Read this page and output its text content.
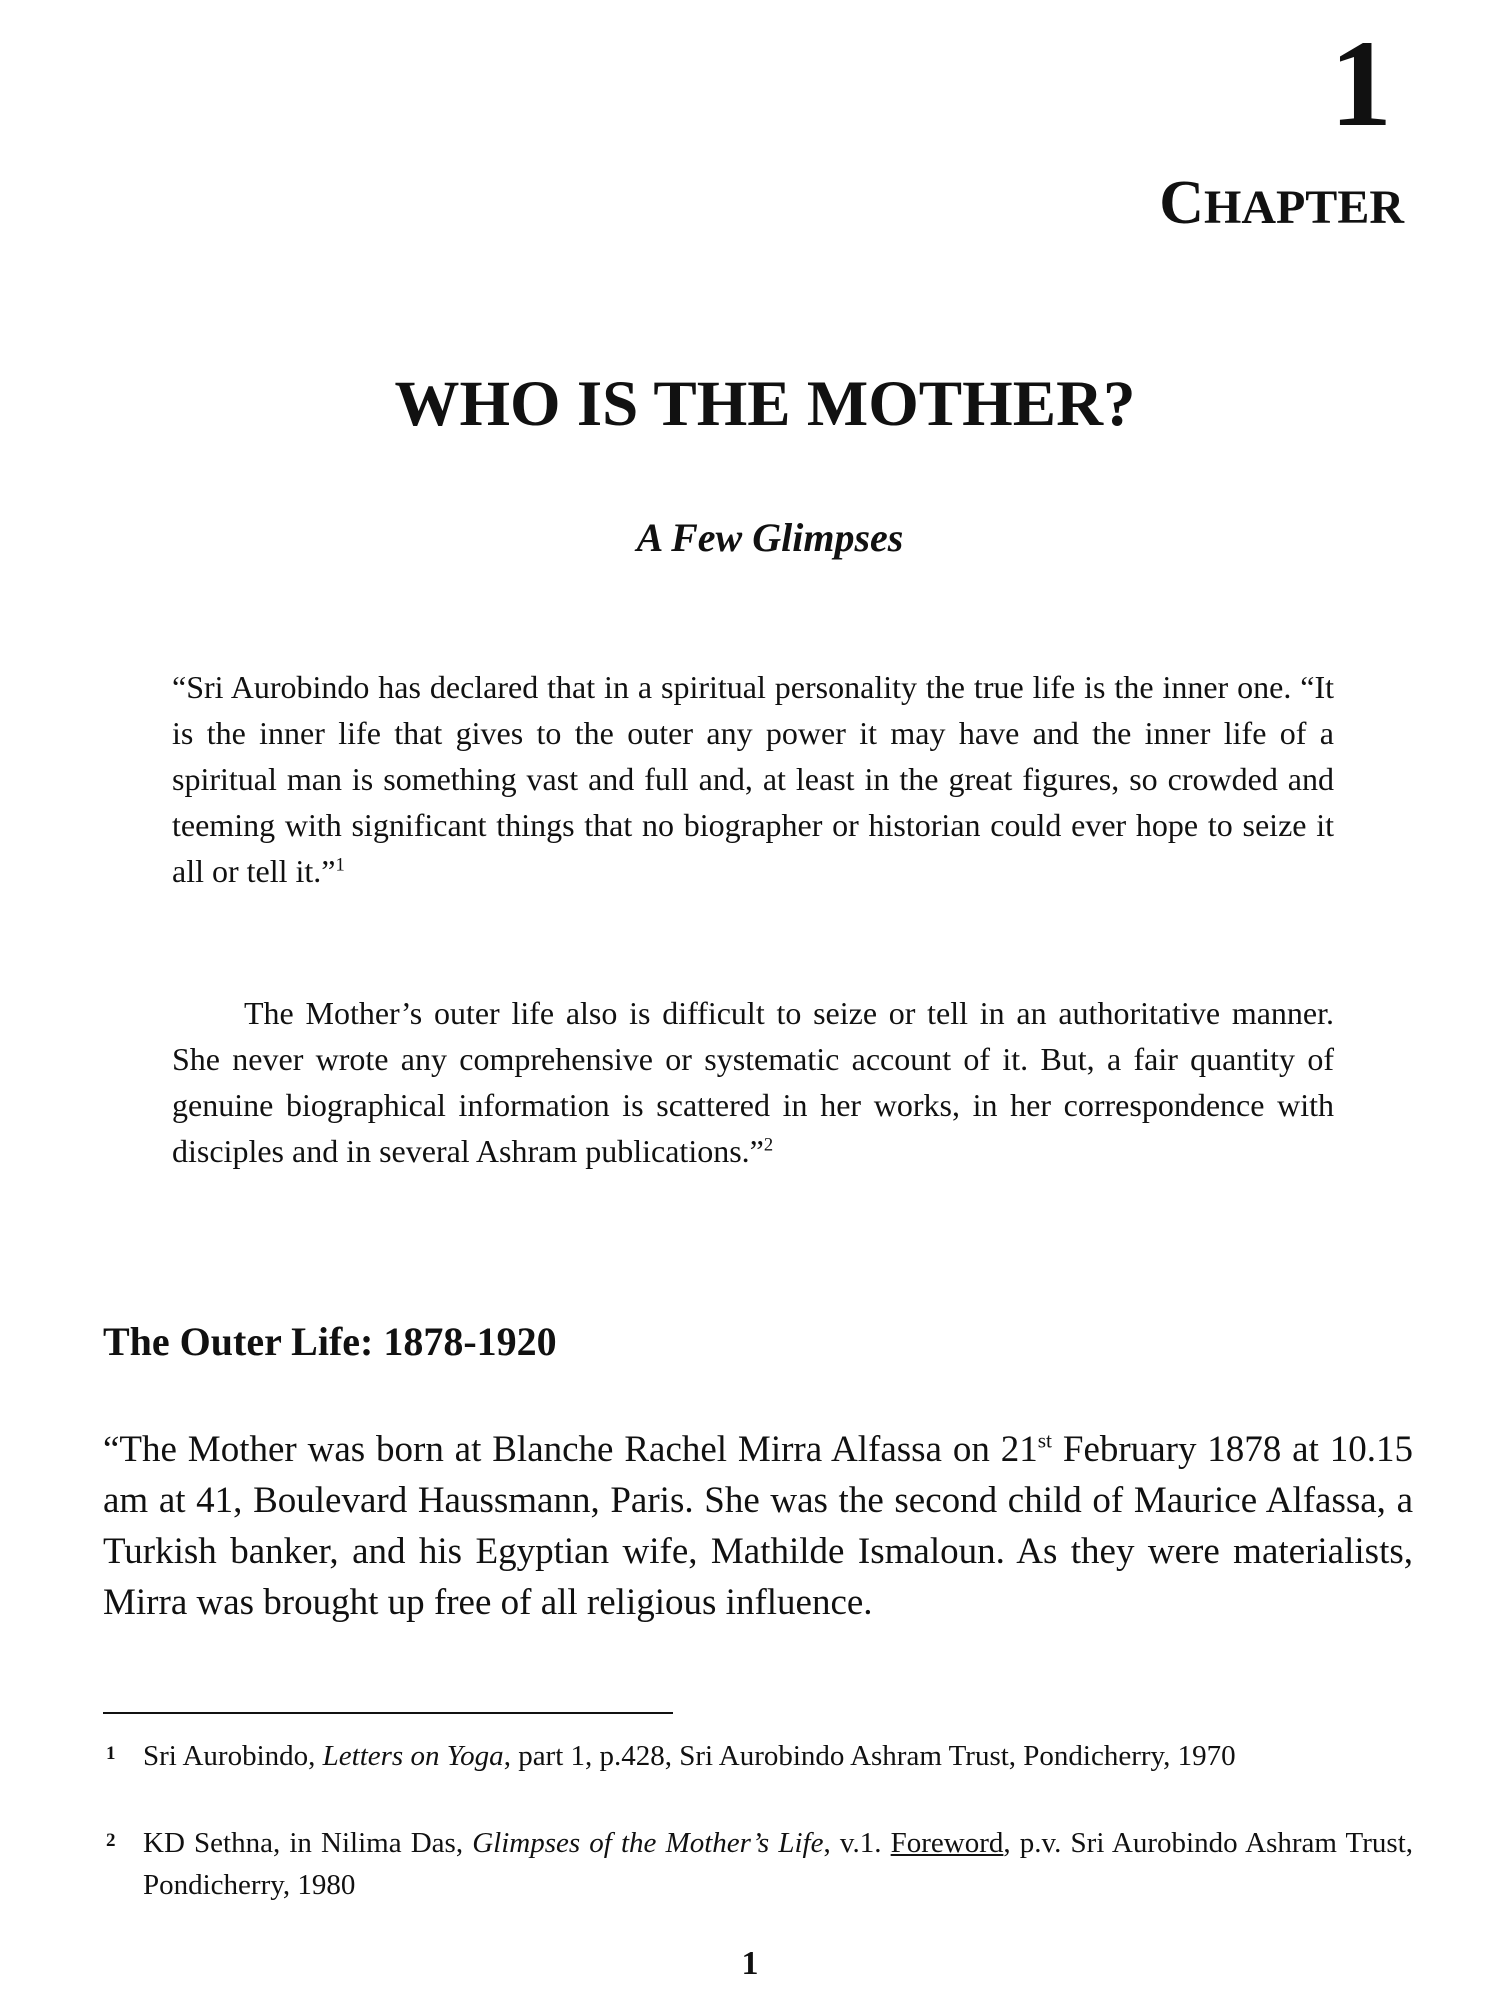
1
CHAPTER
WHO IS THE MOTHER?
A Few Glimpses
“Sri Aurobindo has declared that in a spiritual personality the true life is the inner one. “It is the inner life that gives to the outer any power it may have and the inner life of a spiritual man is something vast and full and, at least in the great figures, so crowded and teeming with significant things that no biographer or historian could ever hope to seize it all or tell it.”$^1$
The Mother’s outer life also is difficult to seize or tell in an authoritative manner. She never wrote any comprehensive or systematic account of it. But, a fair quantity of genuine biographical information is scattered in her works, in her correspondence with disciples and in several Ashram publications.”$^2$
The Outer Life: 1878-1920
“The Mother was born at Blanche Rachel Mirra Alfassa on 21st February 1878 at 10.15 am at 41, Boulevard Haussmann, Paris. She was the second child of Maurice Alfassa, a Turkish banker, and his Egyptian wife, Mathilde Ismaloun. As they were materialists, Mirra was brought up free of all religious influence.
1 Sri Aurobindo, Letters on Yoga, part 1, p.428, Sri Aurobindo Ashram Trust, Pondicherry, 1970
2 KD Sethna, in Nilima Das, Glimpses of the Mother’s Life, v.1. Foreword, p.v. Sri Aurobindo Ashram Trust, Pondicherry, 1980
1
